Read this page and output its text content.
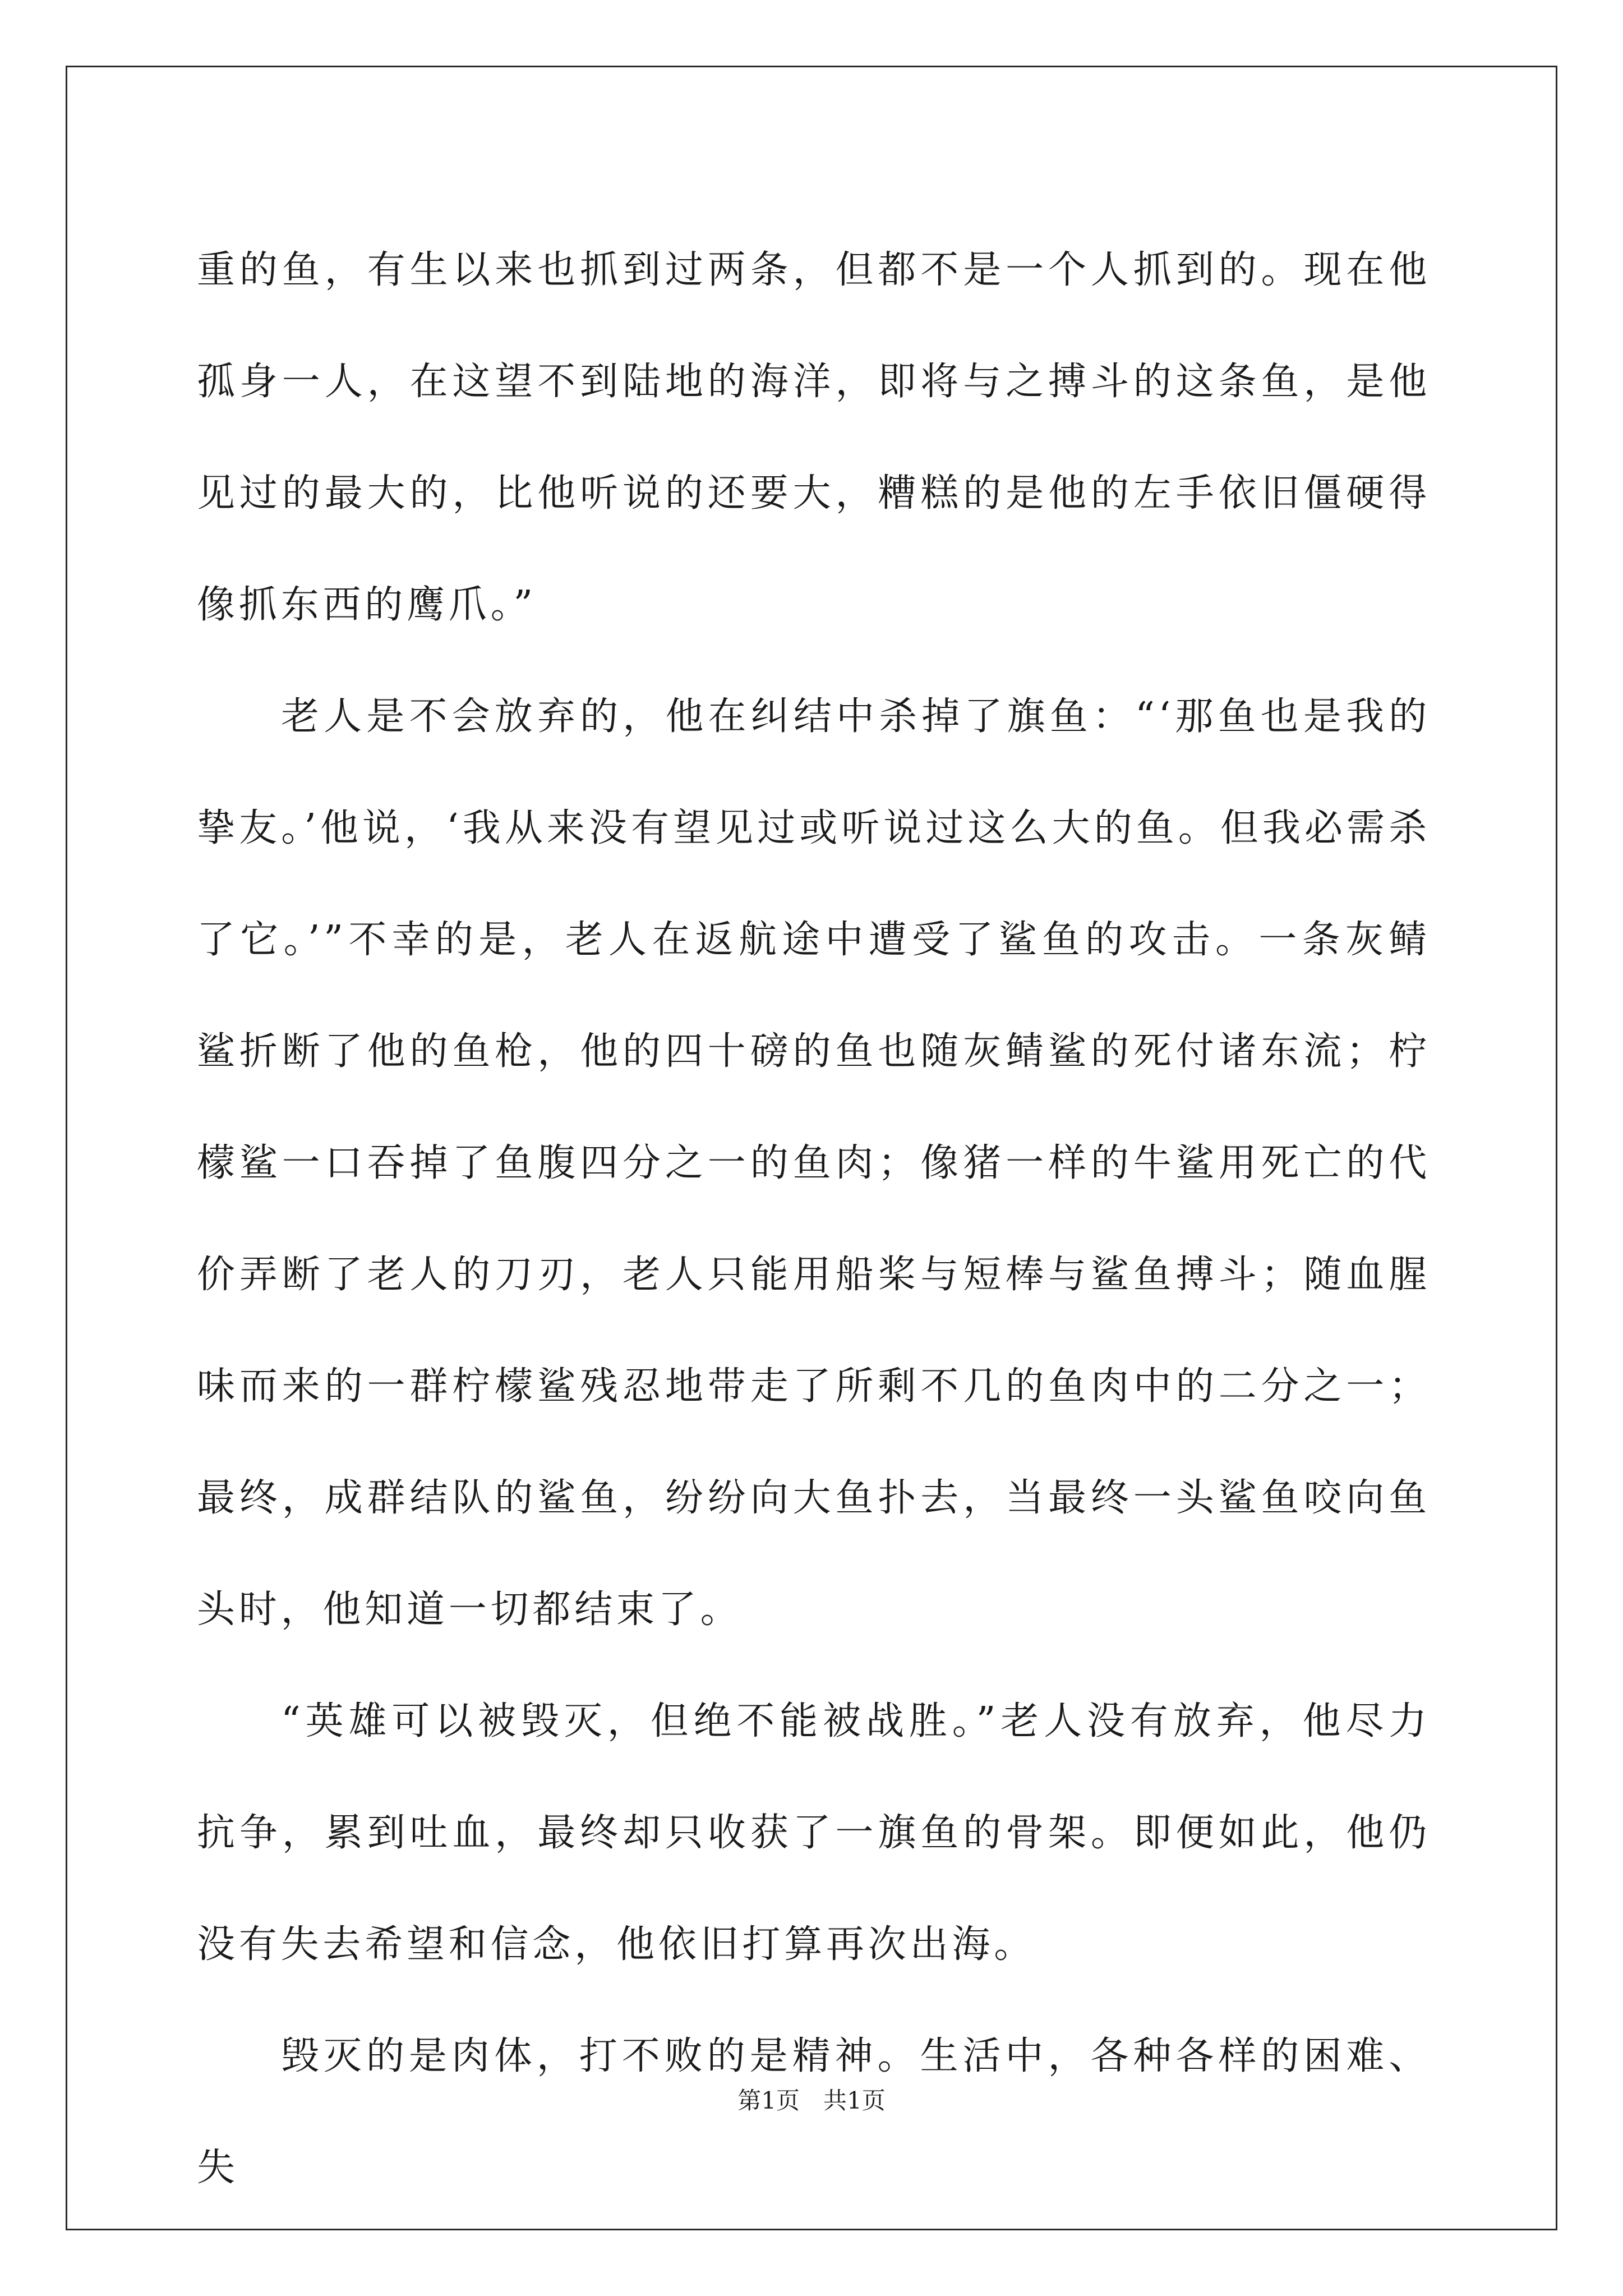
重的鱼，有生以来也抓到过两条，但都不是一个人抓到的。现在他孤身一人，在这望不到陆地的海洋，即将与之搏斗的这条鱼，是他见过的最大的，比他听说的还要大，糟糕的是他的左手依旧僵硬得像抓东西的鹰爪。”

老人是不会放弃的，他在纠结中杀掉了旗鱼：“‘那鱼也是我的挚友。’他说，‘我从来没有望见过或听说过这么大的鱼。但我必需杀了它。’”不幸的是，老人在返航途中遭受了鲨鱼的攻击。一条灰鲭鲨折断了他的鱼枪，他的四十磅的鱼也随灰鲭鲨的死付诸东流；柠檬鲨一口吞掉了鱼腹四分之一的鱼肉；像猪一样的牛鲨用死亡的代价弄断了老人的刀刃，老人只能用船桨与短棒与鲨鱼搏斗；随血腥味而来的一群柠檬鲨残忍地带走了所剩不几的鱼肉中的二分之一；最终，成群结队的鲨鱼，纷纷向大鱼扑去，当最终一头鲨鱼咬向鱼头时，他知道一切都结束了。

“英雄可以被毁灭，但绝不能被战胜。”老人没有放弃，他尽力抗争，累到吐血，最终却只收获了一旗鱼的骨架。即便如此，他仍没有失去希望和信念，他依旧打算再次出海。

毁灭的是肉体，打不败的是精神。生活中，各种各样的困难、失

第1页　共1页
